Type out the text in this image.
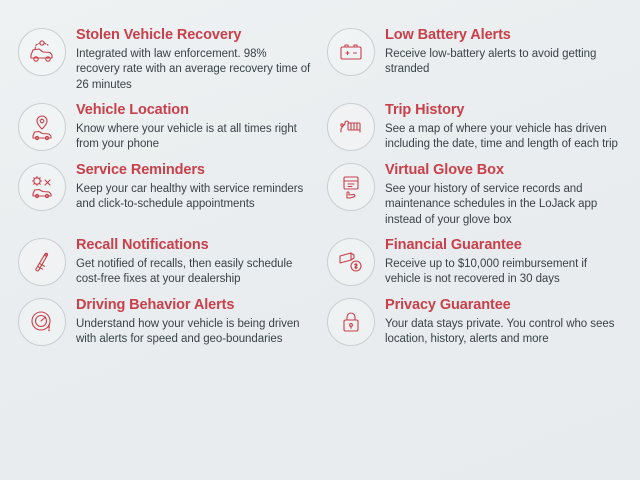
Stolen Vehicle Recovery

Integrated with law enforcement. 98% recovery rate with an average recovery time of 26 minutes

Low Battery Alerts

Receive low-battery alerts to avoid getting stranded

Vehicle Location

Know where your vehicle is at all times right from your phone

Trip History

See a map of where your vehicle has driven including the date, time and length of each trip

Service Reminders

Keep your car healthy with service reminders and click-to-schedule appointments

Virtual Glove Box

See your history of service records and maintenance schedules in the LoJack app instead of your glove box

Recall Notifications

Get notified of recalls, then easily schedule cost-free fixes at your dealership

Financial Guarantee

Receive up to $10,000 reimbursement if vehicle is not recovered in 30 days

Driving Behavior Alerts

Understand how your vehicle is being driven with alerts for speed and geo-boundaries

Privacy Guarantee

Your data stays private. You control who sees location, history, alerts and more
